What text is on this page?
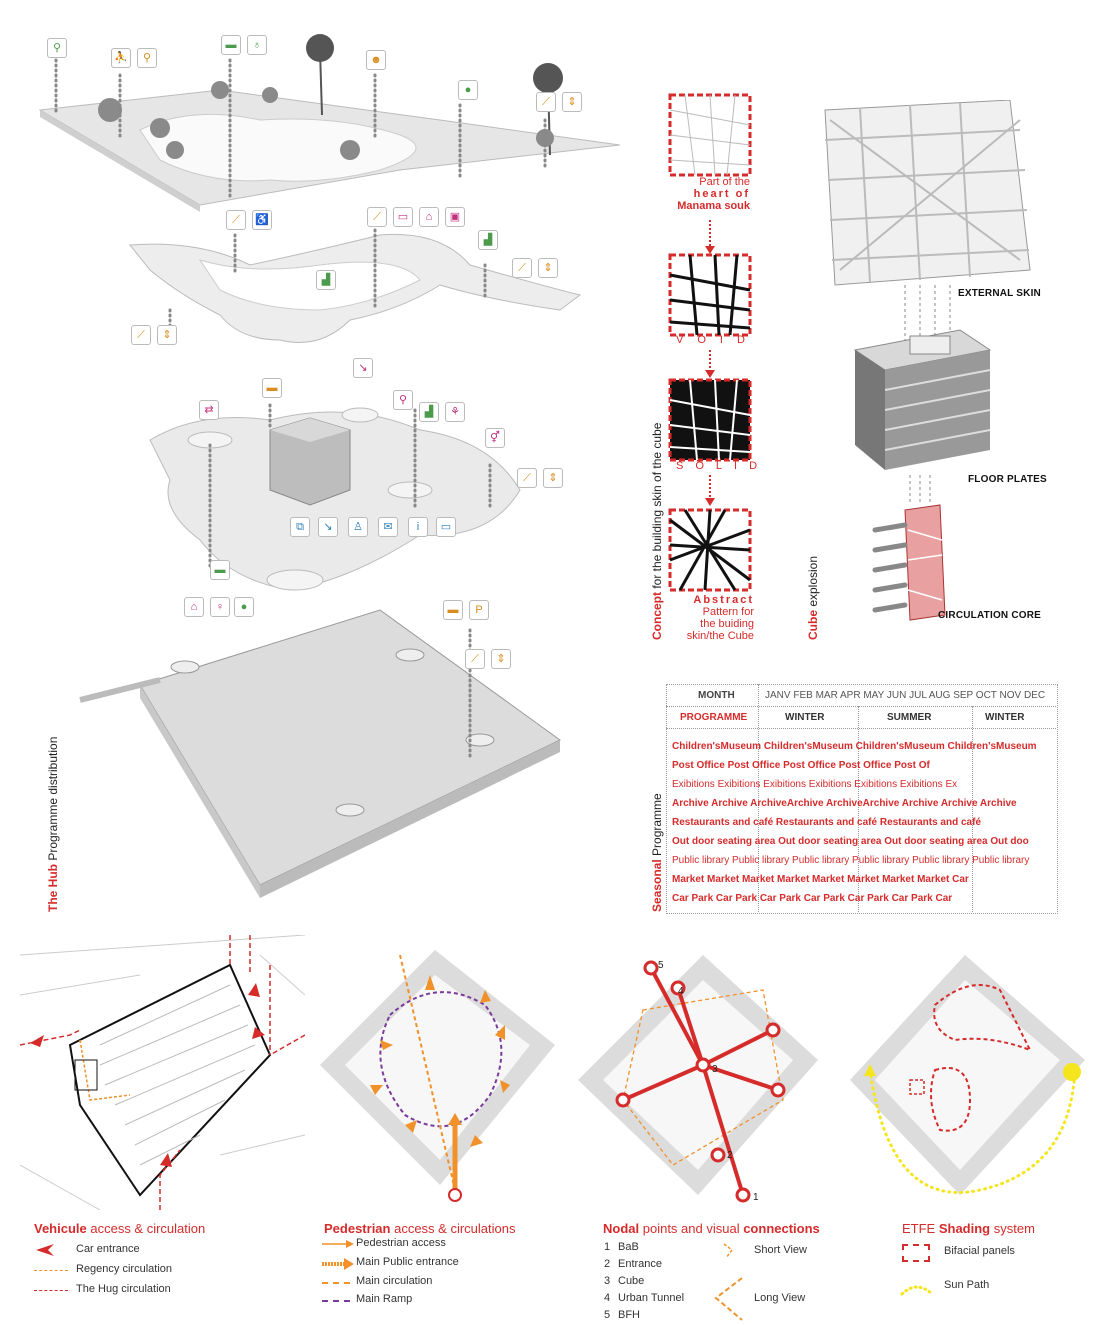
⚲
⛹	⚲
▬	♁
☻
⦁
⟋	⇕
⟋	♿	⟋	▭	⌂	▣
▟
▟
⟋	⇕
⟋	⇕
▬
↘
⇄
⚲
▟	⚘
⚥
⟋	⇕
⧉	↘	♙	✉	i	▭
▬
⌂	♀	⦁	▬	P
⟋	⇕
The Hub Programme distribution
Part of the
heart of
Manama souk
VOID
SOLID
Abstract
Pattern for
the buiding
skin/the Cube
Concept for the building skin of the cube
EXTERNAL SKIN
FLOOR PLATES
CIRCULATION CORE
Cube explosion
Seasonal Programme
MONTH	JANV FEB MAR APR MAY JUN JUL AUG SEP OCT NOV DEC
PROGRAMME	WINTER	SUMMER	WINTER
Children'sMuseum Children'sMuseum Children'sMuseum Children'sMuseum
Post Office Post Office Post Office Post Office Post Of
Exibitions Exibitions Exibitions Exibitions Exibitions Exibitions Ex
Archive Archive ArchiveArchive ArchiveArchive Archive Archive Archive
Restaurants and café Restaurants and café Restaurants and café
Out door seating area Out door seating area Out door seating area Out doo
Public library Public library Public library Public library Public library Public library
Market Market Market Market Market Market Market Market Car
Car Park Car Park Car Park Car Park Car Park Car Park Car
5
4
3
2
1
Vehicule access & circulation
Car entrance
Regency circulation
The Hug circulation
Pedestrian access & circulations
Pedestrian access
Main Public entrance
Main circulation
Main Ramp
Nodal points and visual connections
1 BaB
2 Entrance
3 Cube
4 Urban Tunnel
5 BFH
Short View
Long View
ETFE Shading system
Bifacial panels
Sun Path
